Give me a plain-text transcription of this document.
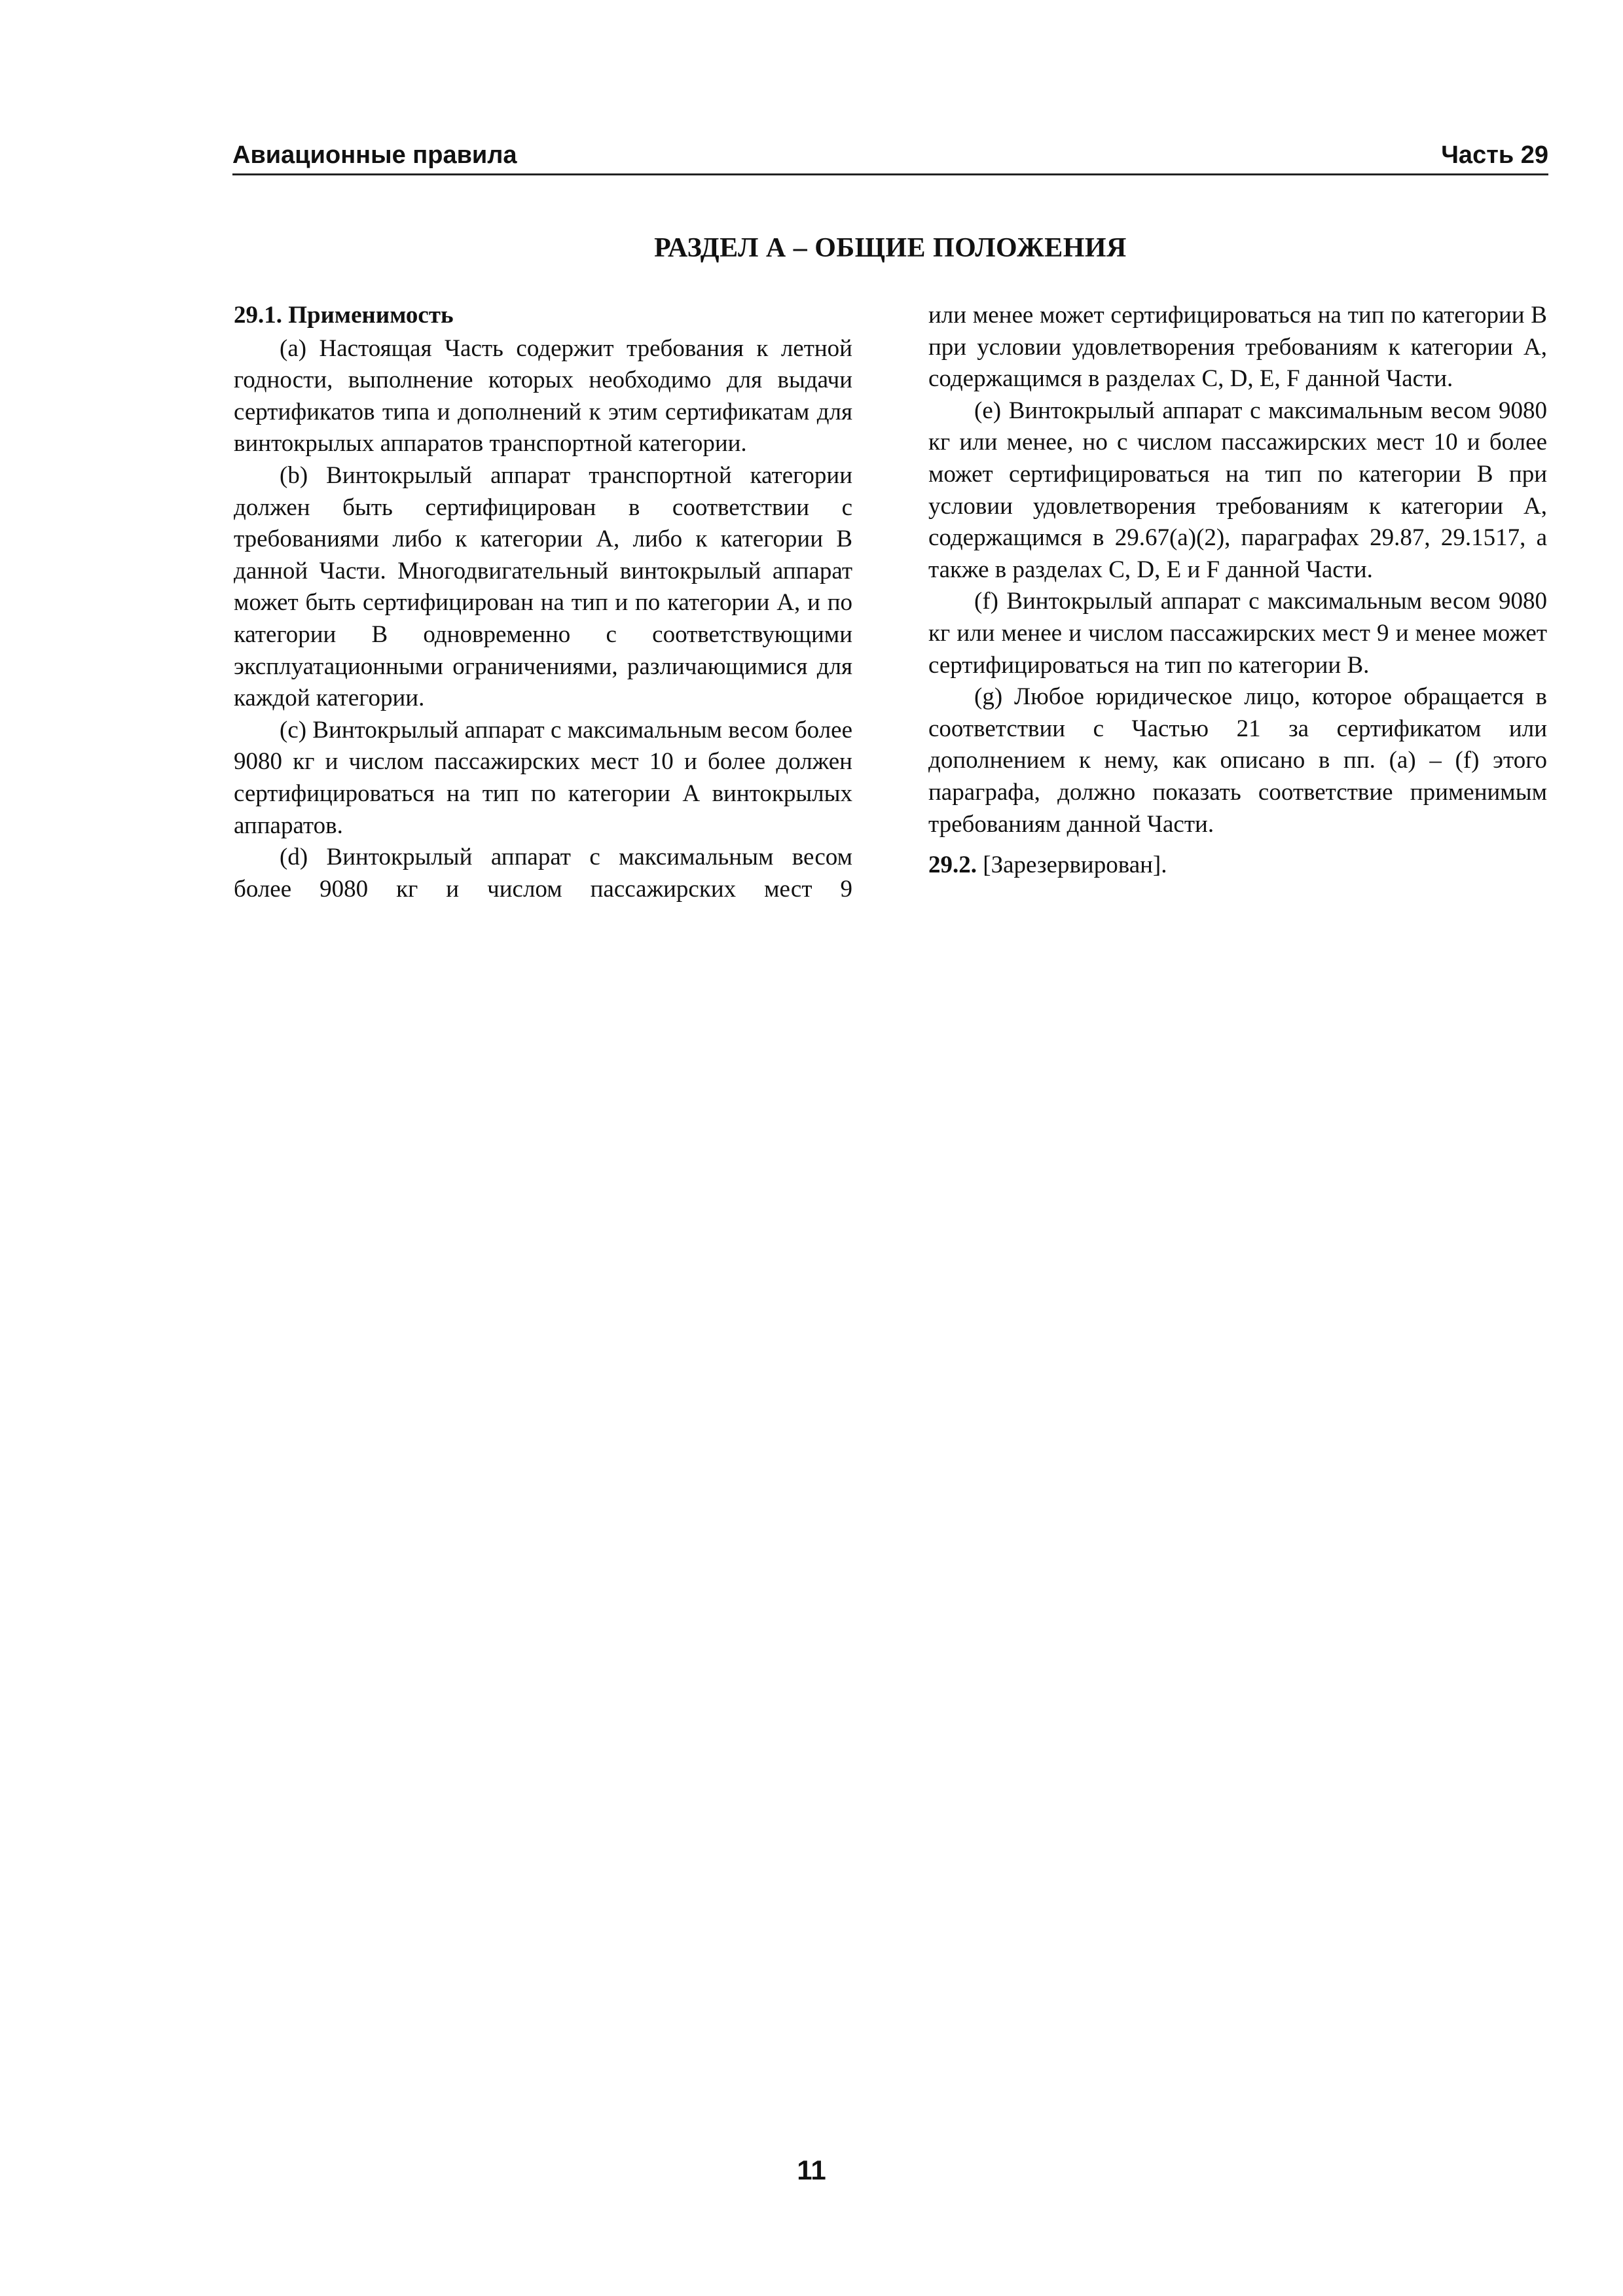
Авиационные правила	Часть 29
РАЗДЕЛ А – ОБЩИЕ ПОЛОЖЕНИЯ

29.1. Применимость

(a) Настоящая Часть содержит требования к летной годности, выполнение которых необходимо для выдачи сертификатов типа и дополнений к этим сертификатам для винтокрылых аппаратов транспортной категории.

(b) Винтокрылый аппарат транспортной категории должен быть сертифицирован в соответствии с требованиями либо к категории А, либо к категории В данной Части. Многодвигательный винтокрылый аппарат может быть сертифицирован на тип и по категории А, и по категории В одновременно с соответствующими эксплуатационными ограничениями, различающимися для каждой категории.

(c) Винтокрылый аппарат с максимальным весом более 9080 кг и числом пассажирских мест 10 и более должен сертифицироваться на тип по категории А винтокрылых аппаратов.

(d) Винтокрылый аппарат с максимальным весом более 9080 кг и числом пассажирских мест 9

или менее может сертифицироваться на тип по категории В при условии удовлетворения требованиям к категории А, содержащимся в разделах С, D, E, F данной Части.

(e) Винтокрылый аппарат с максимальным весом 9080 кг или менее, но с числом пассажирских мест 10 и более может сертифицироваться на тип по категории В при условии удовлетворения требованиям к категории А, содержащимся в 29.67(а)(2), параграфах 29.87, 29.1517, а также в разделах С, D, E и F данной Части.

(f) Винтокрылый аппарат с максимальным весом 9080 кг или менее и числом пассажирских мест 9 и менее может сертифицироваться на тип по категории В.

(g) Любое юридическое лицо, которое обращается в соответствии с Частью 21 за сертификатом или дополнением к нему, как описано в пп. (а) – (f) этого параграфа, должно показать соответствие применимым требованиям данной Части.

29.2. [Зарезервирован].

11
